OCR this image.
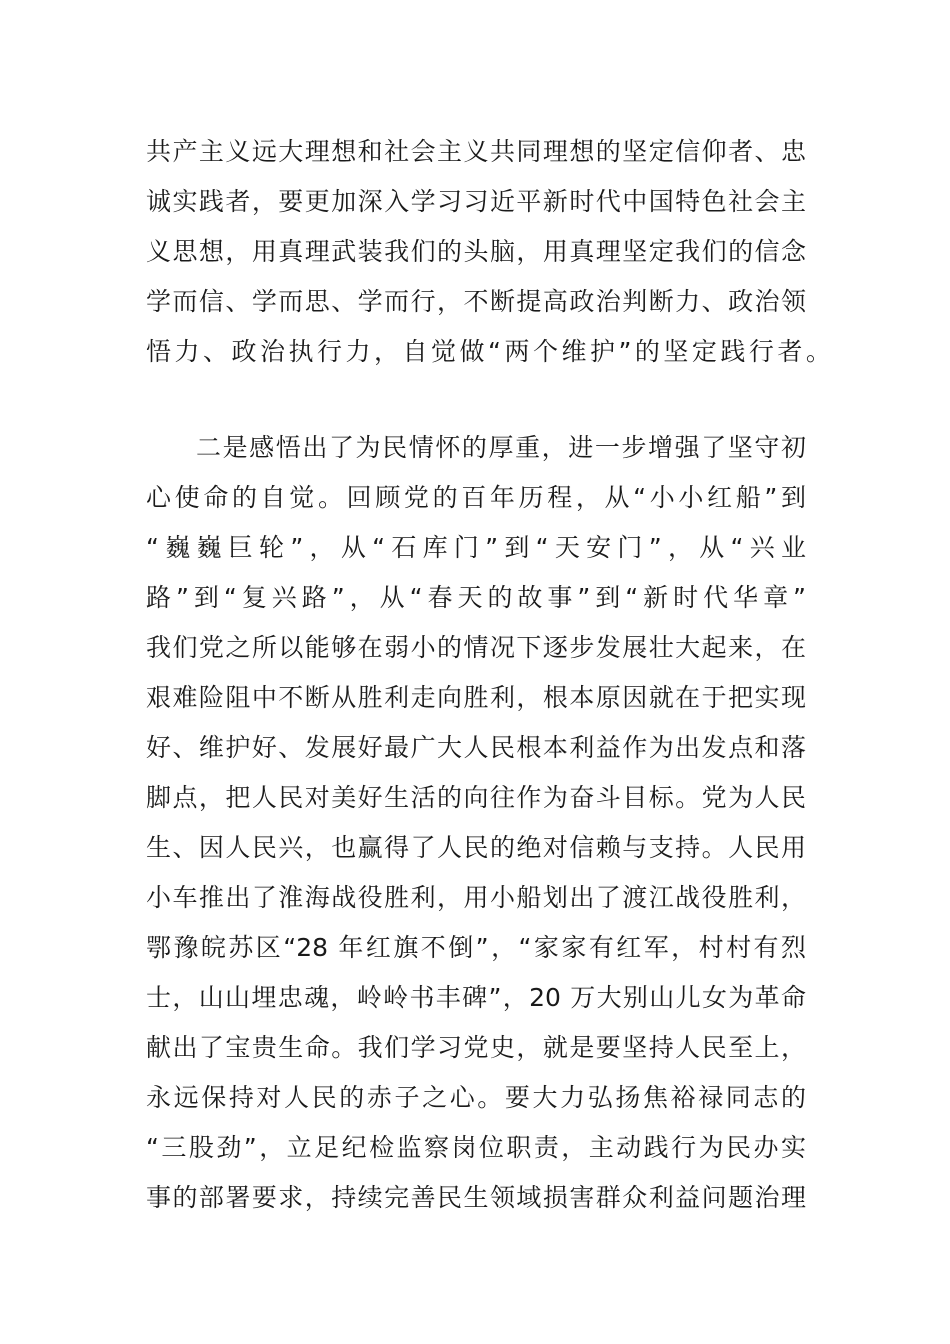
共产主义远大理想和社会主义共同理想的坚定信仰者、忠
诚实践者，要更加深入学习习近平新时代中国特色社会主
义思想，用真理武装我们的头脑，用真理坚定我们的信念
学而信、学而思、学而行，不断提高政治判断力、政治领
悟力、政治执行力，自觉做“两个维护”的坚定践行者。
二是感悟出了为民情怀的厚重，进一步增强了坚守初
心使命的自觉。回顾党的百年历程，从“小小红船”到
“巍巍巨轮”，从“石库门”到“天安门”，从“兴业
路”到“复兴路”，从“春天的故事”到“新时代华章”
我们党之所以能够在弱小的情况下逐步发展壮大起来，在
艰难险阻中不断从胜利走向胜利，根本原因就在于把实现
好、维护好、发展好最广大人民根本利益作为出发点和落
脚点，把人民对美好生活的向往作为奋斗目标。党为人民
生、因人民兴，也赢得了人民的绝对信赖与支持。人民用
小车推出了淮海战役胜利，用小船划出了渡江战役胜利，
鄂豫皖苏区“28 年红旗不倒”，“家家有红军，村村有烈
士，山山埋忠魂，岭岭书丰碑”，20 万大别山儿女为革命
献出了宝贵生命。我们学习党史，就是要坚持人民至上，
永远保持对人民的赤子之心。要大力弘扬焦裕禄同志的
“三股劲”，立足纪检监察岗位职责，主动践行为民办实
事的部署要求，持续完善民生领域损害群众利益问题治理
